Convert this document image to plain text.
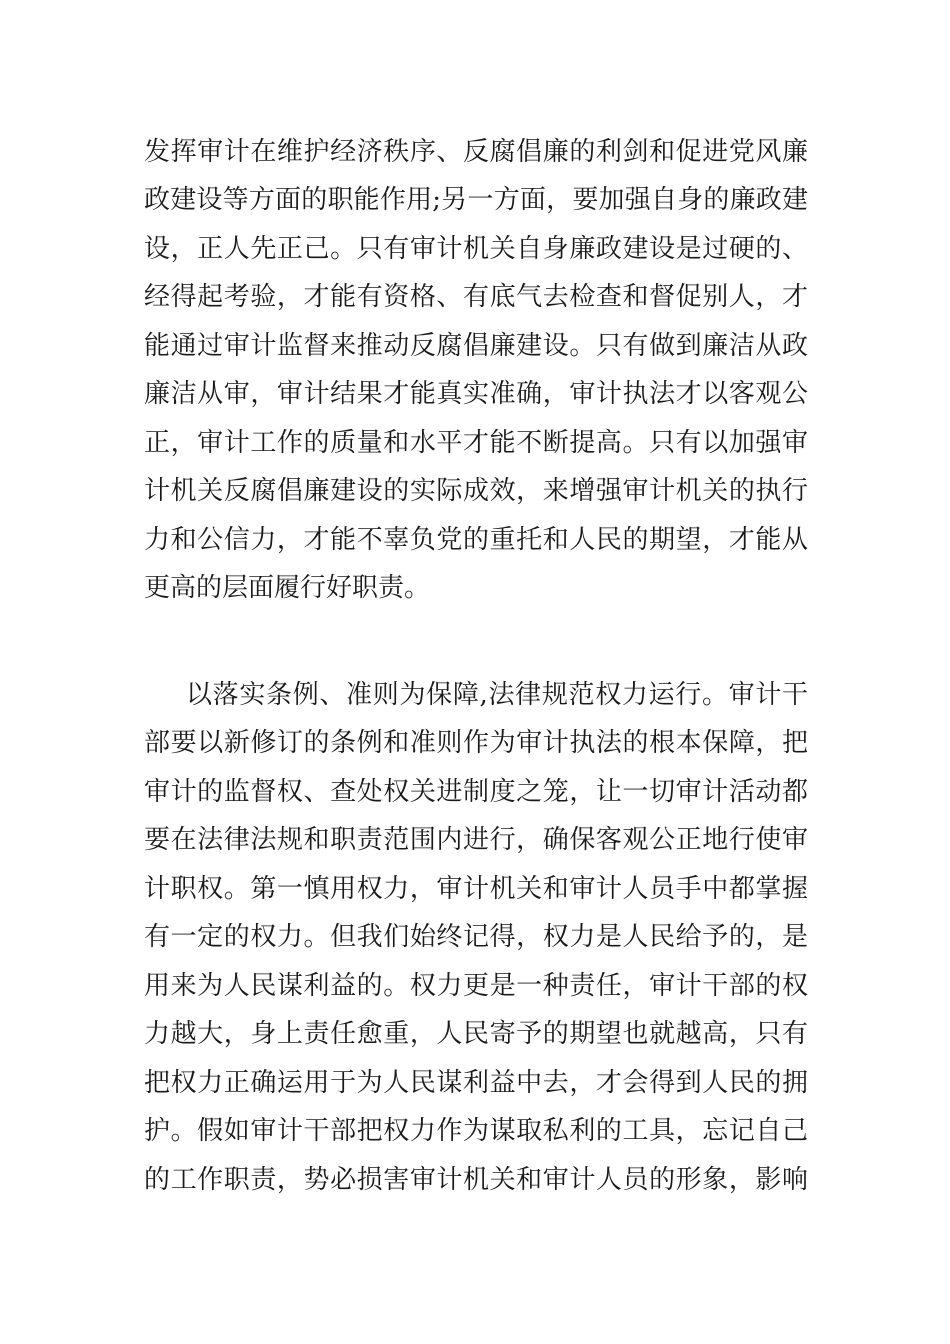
发挥审计在维护经济秩序、反腐倡廉的利剑和促进党风廉
政建设等方面的职能作用;另一方面，要加强自身的廉政建
设，正人先正己。只有审计机关自身廉政建设是过硬的、
经得起考验，才能有资格、有底气去检查和督促别人，才
能通过审计监督来推动反腐倡廉建设。只有做到廉洁从政
廉洁从审，审计结果才能真实准确，审计执法才以客观公
正，审计工作的质量和水平才能不断提高。只有以加强审
计机关反腐倡廉建设的实际成效，来增强审计机关的执行
力和公信力，才能不辜负党的重托和人民的期望，才能从
更高的层面履行好职责。
以落实条例、准则为保障,法律规范权力运行。审计干
部要以新修订的条例和准则作为审计执法的根本保障，把
审计的监督权、查处权关进制度之笼，让一切审计活动都
要在法律法规和职责范围内进行，确保客观公正地行使审
计职权。第一慎用权力，审计机关和审计人员手中都掌握
有一定的权力。但我们始终记得，权力是人民给予的，是
用来为人民谋利益的。权力更是一种责任，审计干部的权
力越大，身上责任愈重，人民寄予的期望也就越高，只有
把权力正确运用于为人民谋利益中去，才会得到人民的拥
护。假如审计干部把权力作为谋取私利的工具，忘记自己
的工作职责，势必损害审计机关和审计人员的形象，影响
